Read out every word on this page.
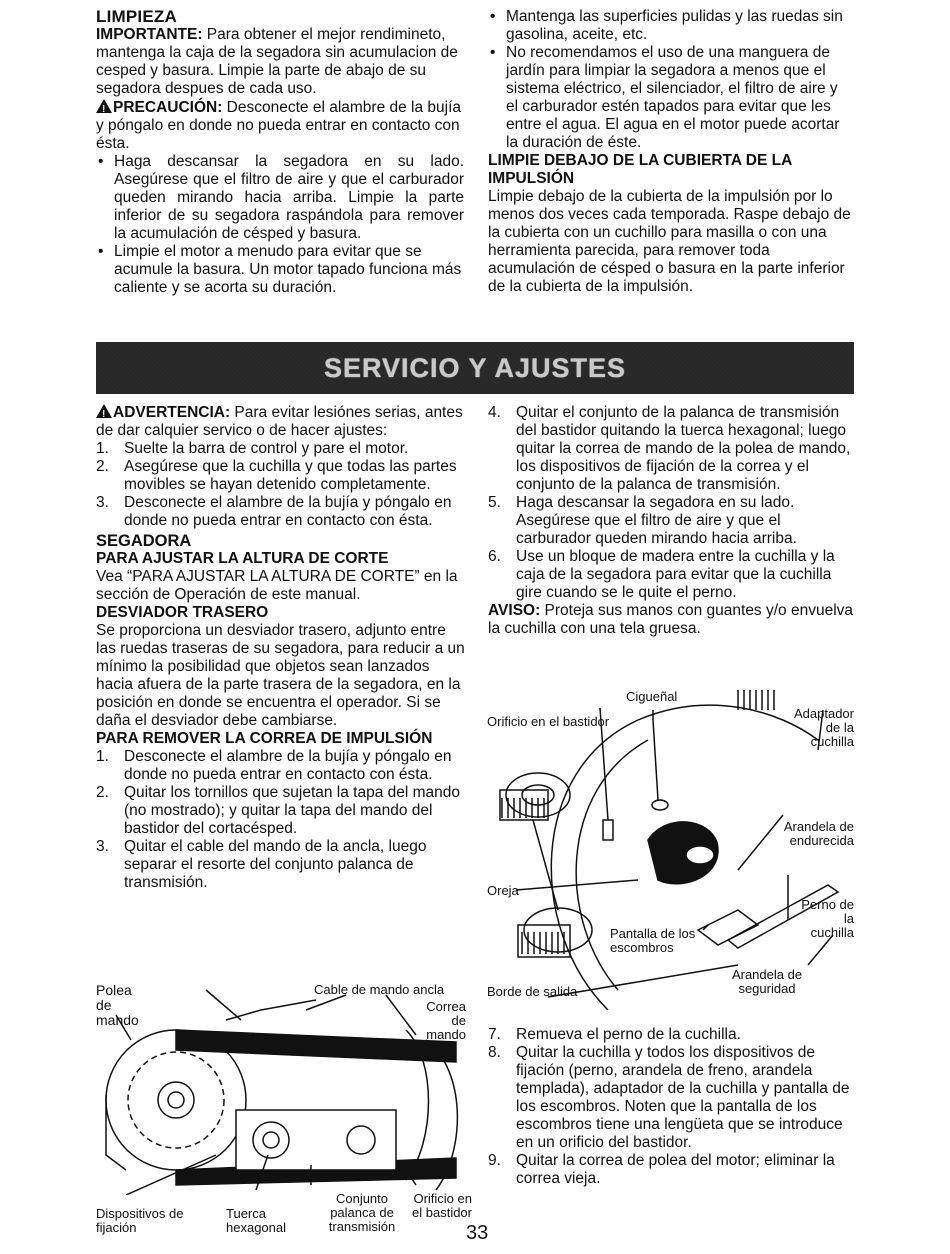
LIMPIEZA

IMPORTANTE: Para obtener el mejor rendimineto, mantenga la caja de la segadora sin acumulacion de cesped y basura. Limpie la parte de abajo de su segadora despues de cada uso.

!PRECAUCIÓN: Desconecte el alambre de la bujía y póngalo en donde no pueda entrar en contacto con ésta.

• Haga descansar la segadora en su lado. Asegúrese que el filtro de aire y que el carburador queden mirando hacia arriba. Limpie la parte inferior de su segadora raspándola para remover la acumulación de césped y basura.

• Limpie el motor a menudo para evitar que se acumule la basura. Un motor tapado funciona más caliente y se acorta su duración.

• Mantenga las superficies pulidas y las ruedas sin gasolina, aceite, etc.

• No recomendamos el uso de una manguera de jardín para limpiar la segadora a menos que el sistema eléctrico, el silenciador, el filtro de aire y el carburador estén tapados para evitar que les entre el agua. El agua en el motor puede acortar la duración de éste.

LIMPIE DEBAJO DE LA CUBIERTA DE LA IMPULSIÓN

Limpie debajo de la cubierta de la impulsión por lo menos dos veces cada temporada. Raspe debajo de la cubierta con un cuchillo para masilla o con una herramienta parecida, para remover toda acumulación de césped o basura en la parte inferior de la cubierta de la impulsión.

SERVICIO Y AJUSTES

!ADVERTENCIA: Para evitar lesiónes serias, antes de dar calquier servico o de hacer ajustes:

1. Suelte la barra de control y pare el motor.

2. Asegúrese que la cuchilla y que todas las partes movibles se hayan detenido completamente.

3. Desconecte el alambre de la bujía y póngalo en donde no pueda entrar en contacto con ésta.

SEGADORA

PARA AJUSTAR LA ALTURA DE CORTE

Vea “PARA AJUSTAR LA ALTURA DE CORTE” en la sección de Operación de este manual.

DESVIADOR TRASERO

Se proporciona un desviador trasero, adjunto entre las ruedas traseras de su segadora, para reducir a un mínimo la posibilidad que objetos sean lanzados hacia afuera de la parte trasera de la segadora, en la posición en donde se encuentra el operador. Si se daña el desviador debe cambiarse.

PARA REMOVER LA CORREA DE IMPULSIÓN

1. Desconecte el alambre de la bujía y póngalo en donde no pueda entrar en contacto con ésta.

2. Quitar los tornillos que sujetan la tapa del mando (no mostrado); y quitar la tapa del mando del bastidor del cortacésped.

3. Quitar el cable del mando de la ancla, luego separar el resorte del conjunto palanca de transmisión.

4. Quitar el conjunto de la palanca de transmisión del bastidor quitando la tuerca hexagonal; luego quitar la correa de mando de la polea de mando, los dispositivos de fijación de la correa y el conjunto de la palanca de transmisión.

5. Haga descansar la segadora en su lado. Asegúrese que el filtro de aire y que el carburador queden mirando hacia arriba.

6. Use un bloque de madera entre la cuchilla y la caja de la segadora para evitar que la cuchilla gire cuando se le quite el perno.

AVISO: Proteja sus manos con guantes y/o envuelva la cuchilla con una tela gruesa.

Cigueñal
Orificio en el bastidor
Adaptador de la cuchilla
Arandela de endurecida
Oreja
Perno de la cuchilla
Pantalla de los escombros
Arandela de seguridad
Borde de salida

7. Remueva el perno de la cuchilla.

8. Quitar la cuchilla y todos los dispositivos de fijación (perno, arandela de freno, arandela templada), adaptador de la cuchilla y pantalla de los escombros. Noten que la pantalla de los escombros tiene una lengüeta que se introduce en un orificio del bastidor.

9. Quitar la correa de polea del motor; eliminar la correa vieja.

Polea de mando
Cable de mando ancla
Correa de mando
Dispositivos de fijación
Tuerca hexagonal
Conjunto palanca de transmisión
Orificio en el bastidor
33
